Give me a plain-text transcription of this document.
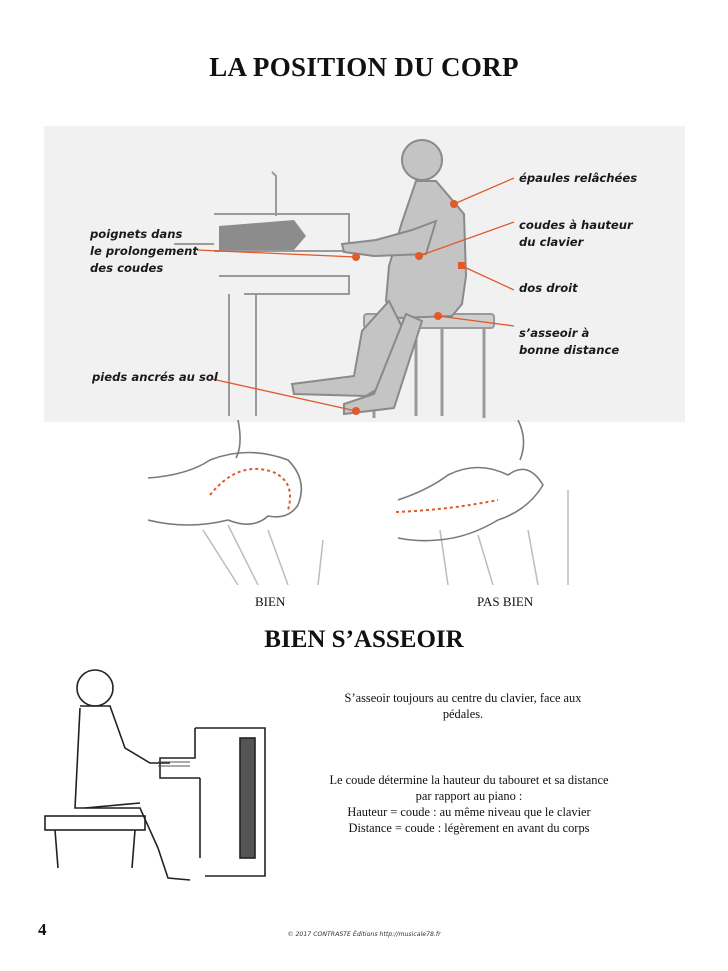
LA POSITION DU CORP
poignets dans
le prolongement
des coudes
pieds ancrés au sol
épaules relâchées
coudes à hauteur
du clavier
dos droit
s’asseoir à
bonne distance
BIEN	PAS BIEN
BIEN S’ASSEOIR
S’asseoir toujours au centre du clavier, face aux
pédales.
Le coude détermine la hauteur du tabouret et sa distance
par rapport au piano :
Hauteur = coude : au même niveau que le clavier
Distance = coude : légèrement en avant du corps
4	© 2017 CONTRASTE Éditions http://musicale78.fr
